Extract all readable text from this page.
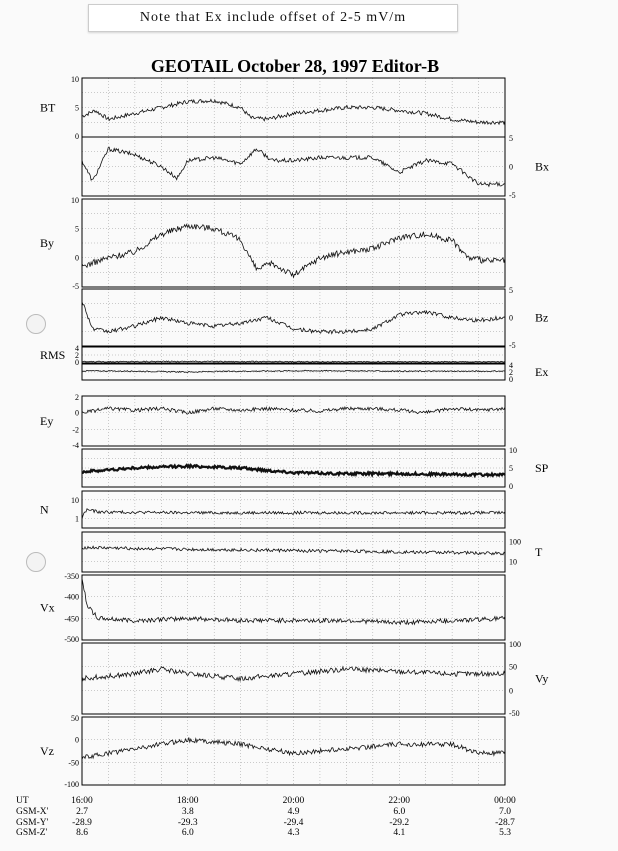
Note that Ex include offset of 2-5 mV/m
GEOTAIL October 28, 1997 Editor-B
10
5
0
BT
5
0
-5
Bx
10
5
0
-5
By
5
0
-5
Bz
4
2
0
RMS
4
2
0
Ex
2
0
-2
-4
Ey
10
5
0
SP
10
1
N
100
10
T
-350
-400
-450
-500
Vx
100
50
0
-50
Vy
50
0
-50
-100
Vz
UT	16:00	18:00	20:00	22:00	00:00
GSM-X'	2.7	3.8	4.9	6.0	7.0
GSM-Y'	-28.9	-29.3	-29.4	-29.2	-28.7
GSM-Z'	8.6	6.0	4.3	4.1	5.3
